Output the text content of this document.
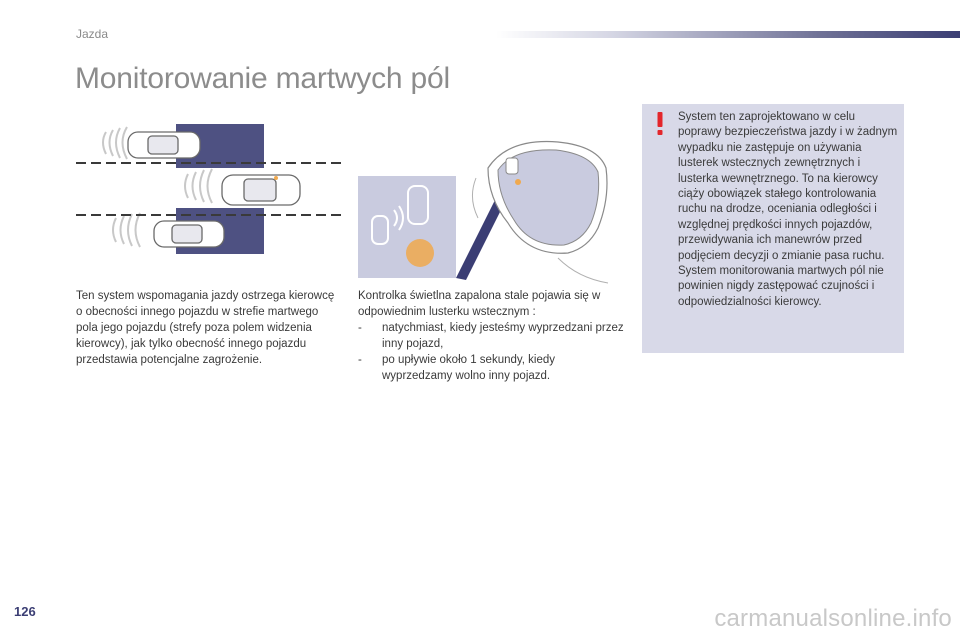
Jazda
Monitorowanie martwych pól
Ten system wspomagania jazdy ostrzega kierowcę o obecności innego pojazdu w strefie martwego pola jego pojazdu (strefy poza polem widzenia kierowcy), jak tylko obecność innego pojazdu przedstawia potencjalne zagrożenie.
Kontrolka świetlna zapalona stale pojawia się w odpowiednim lusterku wstecznym :
- natychmiast, kiedy jesteśmy wyprzedzani przez inny pojazd,
- po upływie około 1 sekundy, kiedy wyprzedzamy wolno inny pojazd.
System ten zaprojektowano w celu poprawy bezpieczeństwa jazdy i w żadnym wypadku nie zastępuje on używania lusterek wstecznych zewnętrznych i lusterka wewnętrznego. To na kierowcy ciąży obowiązek stałego kontrolowania ruchu na drodze, oceniania odległości i względnej prędkości innych pojazdów, przewidywania ich manewrów przed podjęciem decyzji o zmianie pasa ruchu. System monitorowania martwych pól nie powinien nigdy zastępować czujności i odpowiedzialności kierowcy.
126	carmanualsonline.info
